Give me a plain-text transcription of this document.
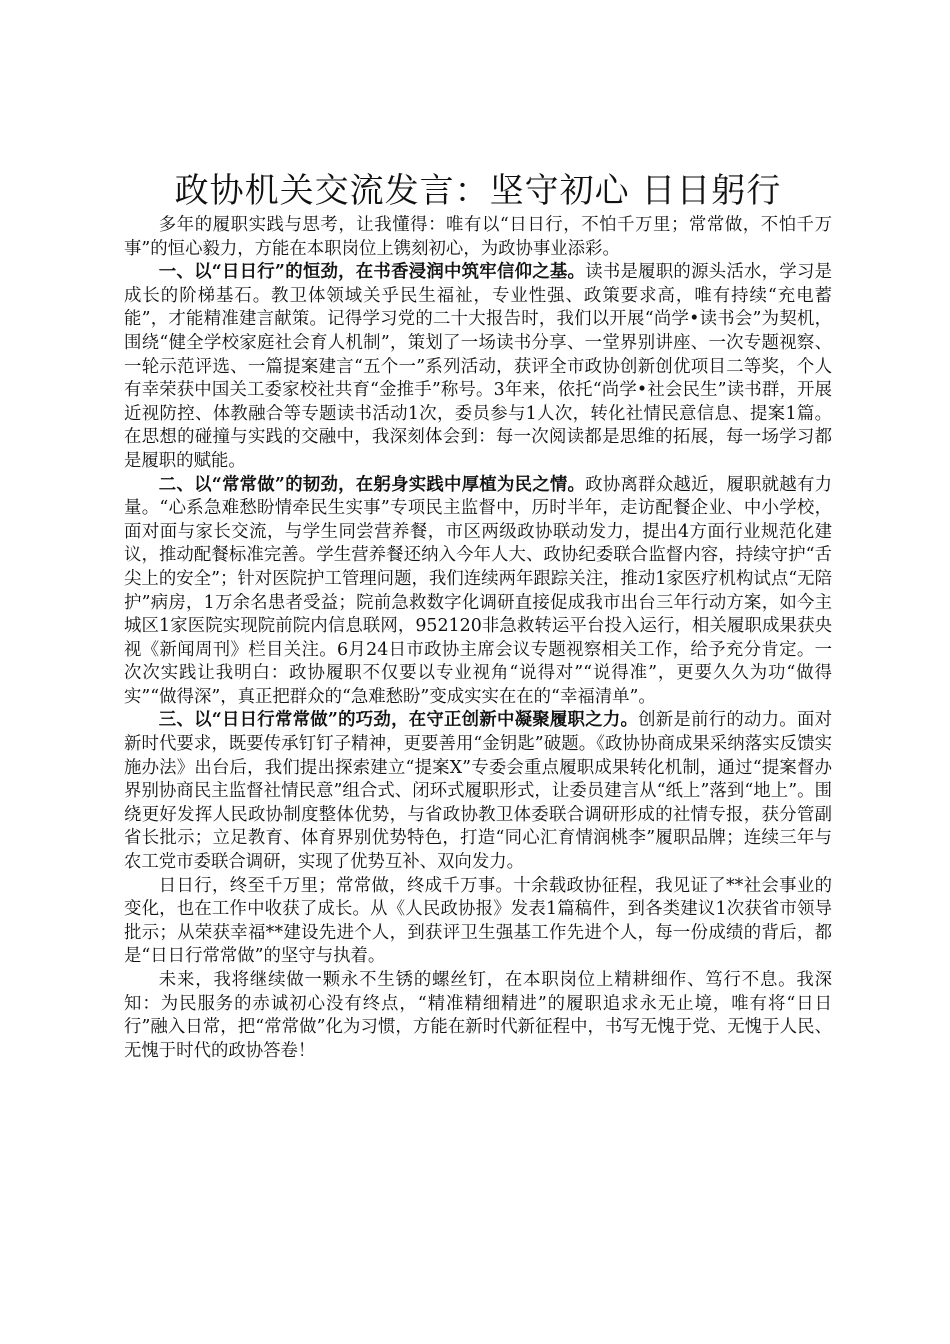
政协机关交流发言：坚守初心 日日躬行

多年的履职实践与思考，让我懂得：唯有以“日日行，不怕千万里；常常做，不怕千万事”的恒心毅力，方能在本职岗位上镌刻初心，为政协事业添彩。

一、以“日日行”的恒劲，在书香浸润中筑牢信仰之基。读书是履职的源头活水，学习是成长的阶梯基石。教卫体领域关乎民生福祉，专业性强、政策要求高，唯有持续“充电蓄能”，才能精准建言献策。记得学习党的二十大报告时，我们以开展“尚学•读书会”为契机，围绕“健全学校家庭社会育人机制”，策划了一场读书分享、一堂界别讲座、一次专题视察、一轮示范评选、一篇提案建言“五个一”系列活动，获评全市政协创新创优项目二等奖，个人有幸荣获中国关工委家校社共育“金推手”称号。3年来，依托“尚学•社会民生”读书群，开展近视防控、体教融合等专题读书活动1次，委员参与1人次，转化社情民意信息、提案1篇。在思想的碰撞与实践的交融中，我深刻体会到：每一次阅读都是思维的拓展，每一场学习都是履职的赋能。

二、以“常常做”的韧劲，在躬身实践中厚植为民之情。政协离群众越近，履职就越有力量。“心系急难愁盼情牵民生实事”专项民主监督中，历时半年，走访配餐企业、中小学校，面对面与家长交流，与学生同尝营养餐，市区两级政协联动发力，提出4方面行业规范化建议，推动配餐标准完善。学生营养餐还纳入今年人大、政协纪委联合监督内容，持续守护“舌尖上的安全”；针对医院护工管理问题，我们连续两年跟踪关注，推动1家医疗机构试点“无陪护”病房，1万余名患者受益；院前急救数字化调研直接促成我市出台三年行动方案，如今主城区1家医院实现院前院内信息联网，952120非急救转运平台投入运行，相关履职成果获央视《新闻周刊》栏目关注。6月24日市政协主席会议专题视察相关工作，给予充分肯定。一次次实践让我明白：政协履职不仅要以专业视角“说得对”“说得准”，更要久久为功“做得实”“做得深”，真正把群众的“急难愁盼”变成实实在在的“幸福清单”。

三、以“日日行常常做”的巧劲，在守正创新中凝聚履职之力。创新是前行的动力。面对新时代要求，既要传承钉钉子精神，更要善用“金钥匙”破题。《政协协商成果采纳落实反馈实施办法》出台后，我们提出探索建立“提案X”专委会重点履职成果转化机制，通过“提案督办界别协商民主监督社情民意”组合式、闭环式履职形式，让委员建言从“纸上”落到“地上”。围绕更好发挥人民政协制度整体优势，与省政协教卫体委联合调研形成的社情专报，获分管副省长批示；立足教育、体育界别优势特色，打造“同心汇育情润桃李”履职品牌；连续三年与农工党市委联合调研，实现了优势互补、双向发力。

日日行，终至千万里；常常做，终成千万事。十余载政协征程，我见证了**社会事业的变化，也在工作中收获了成长。从《人民政协报》发表1篇稿件，到各类建议1次获省市领导批示；从荣获幸福**建设先进个人，到获评卫生强基工作先进个人，每一份成绩的背后，都是“日日行常常做”的坚守与执着。

未来，我将继续做一颗永不生锈的螺丝钉，在本职岗位上精耕细作、笃行不息。我深知：为民服务的赤诚初心没有终点，“精准精细精进”的履职追求永无止境，唯有将“日日行”融入日常，把“常常做”化为习惯，方能在新时代新征程中，书写无愧于党、无愧于人民、无愧于时代的政协答卷！
